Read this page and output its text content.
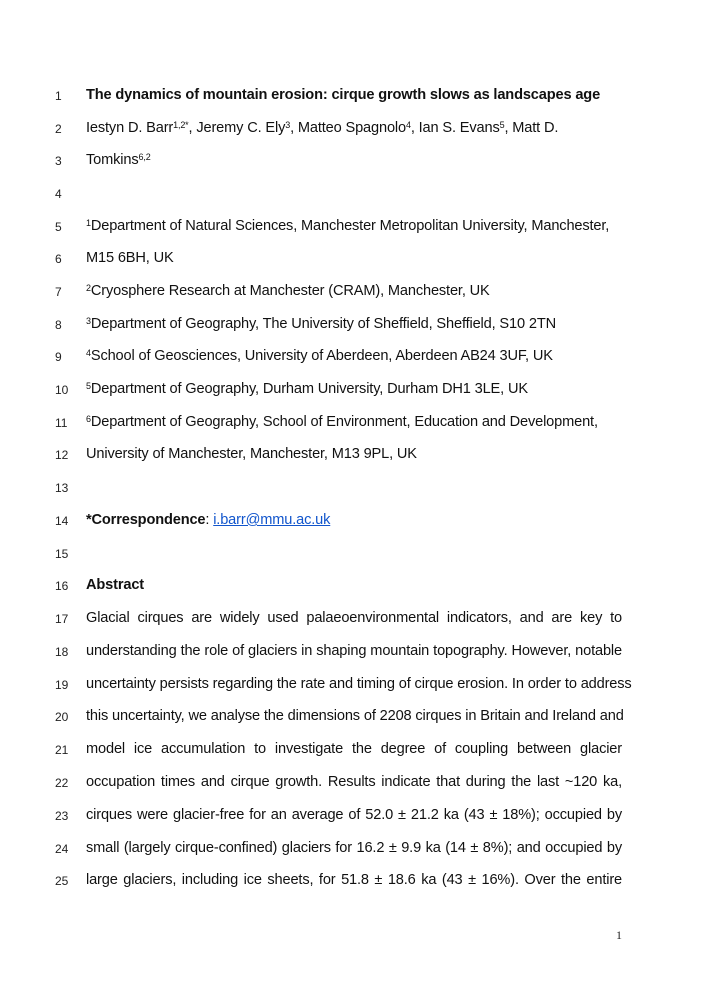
1	The dynamics of mountain erosion: cirque growth slows as landscapes age
2	Iestyn D. Barr$^{1,2*}$, Jeremy C. Ely$^3$, Matteo Spagnolo$^4$, Ian S. Evans$^5$, Matt D.
3	Tomkins$^{6,2}$
4
5	$^1$Department of Natural Sciences, Manchester Metropolitan University, Manchester,
6	M15 6BH, UK
7	$^2$Cryosphere Research at Manchester (CRAM), Manchester, UK
8	$^3$Department of Geography, The University of Sheffield, Sheffield, S10 2TN
9	$^4$School of Geosciences, University of Aberdeen, Aberdeen AB24 3UF, UK
10	$^5$Department of Geography, Durham University, Durham DH1 3LE, UK
11	$^6$Department of Geography, School of Environment, Education and Development,
12	University of Manchester, Manchester, M13 9PL, UK
13
14	*Correspondence: i.barr@mmu.ac.uk
15
16	Abstract
17	Glacial cirques are widely used palaeoenvironmental indicators, and are key to
18	understanding the role of glaciers in shaping mountain topography. However, notable
19	uncertainty persists regarding the rate and timing of cirque erosion. In order to address
20	this uncertainty, we analyse the dimensions of 2208 cirques in Britain and Ireland and
21	model ice accumulation to investigate the degree of coupling between glacier
22	occupation times and cirque growth. Results indicate that during the last ~120 ka,
23	cirques were glacier-free for an average of 52.0 ± 21.2 ka (43 ± 18%); occupied by
24	small (largely cirque-confined) glaciers for 16.2 ± 9.9 ka (14 ± 8%); and occupied by
25	large glaciers, including ice sheets, for 51.8 ± 18.6 ka (43 ± 16%). Over the entire
1
